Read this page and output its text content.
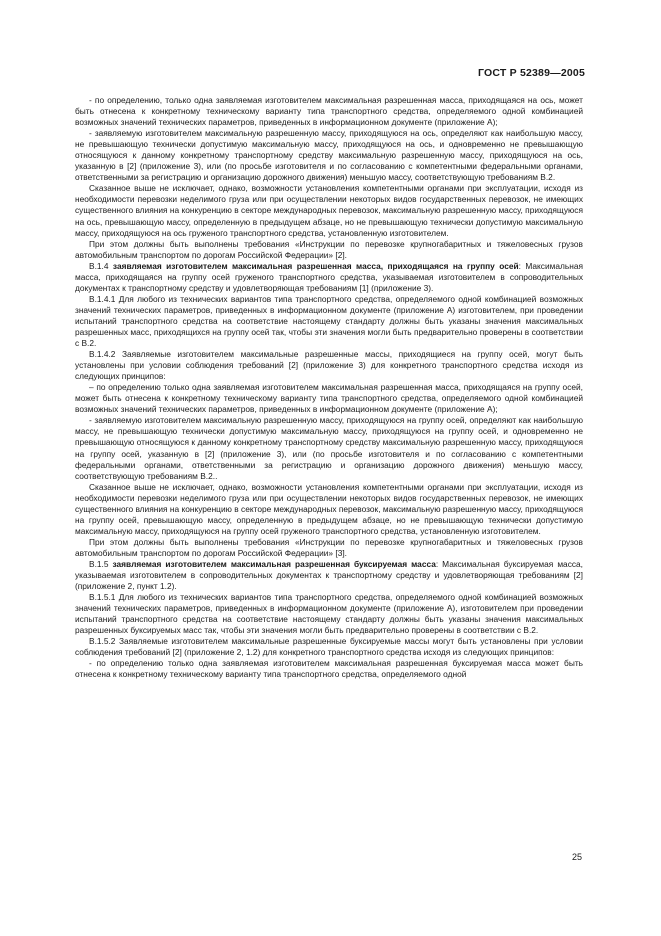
ГОСТ Р 52389—2005

- по определению, только одна заявляемая изготовителем максимальная разрешенная масса, приходящаяся на ось, может быть отнесена к конкретному техническому варианту типа транспортного средства, определяемого одной комбинацией возможных значений технических параметров, приведенных в информационном документе (приложение А);

- заявляемую изготовителем максимальную разрешенную массу, приходящуюся на ось, определяют как наибольшую массу, не превышающую технически допустимую максимальную массу, приходящуюся на ось, и одновременно не превышающую относящуюся к данному конкретному транспортному средству максимальную разрешенную массу, приходящуюся на ось, указанную в [2] (приложение 3), или (по просьбе изготовителя и по согласованию с компетентными федеральными органами, ответственными за регистрацию и организацию дорожного движения) меньшую массу, соответствующую требованиям В.2.

Сказанное выше не исключает, однако, возможности установления компетентными органами при эксплуатации, исходя из необходимости перевозки неделимого груза или при осуществлении некоторых видов государственных перевозок, не имеющих существенного влияния на конкуренцию в секторе международных перевозок, максимальную разрешенную массу, приходящуюся на ось, превышающую массу, определенную в предыдущем абзаце, но не превышающую технически допустимую максимальную массу, приходящуюся на ось груженого транспортного средства, установленную изготовителем.

При этом должны быть выполнены требования «Инструкции по перевозке крупногабаритных и тяжеловесных грузов автомобильным транспортом по дорогам Российской Федерации» [2].

В.1.4 заявляемая изготовителем максимальная разрешенная масса, приходящаяся на группу осей: Максимальная масса, приходящаяся на группу осей груженого транспортного средства, указываемая изготовителем в сопроводительных документах к транспортному средству и удовлетворяющая требованиям [1] (приложение 3).

В.1.4.1 Для любого из технических вариантов типа транспортного средства, определяемого одной комбинацией возможных значений технических параметров, приведенных в информационном документе (приложение А) изготовителем, при проведении испытаний транспортного средства на соответствие настоящему стандарту должны быть указаны значения максимальных разрешенных масс, приходящихся на группу осей так, чтобы эти значения могли быть предварительно проверены в соответствии с В.2.

В.1.4.2 Заявляемые изготовителем максимальные разрешенные массы, приходящиеся на группу осей, могут быть установлены при условии соблюдения требований [2] (приложение 3) для конкретного транспортного средства исходя из следующих принципов:

– по определению только одна заявляемая изготовителем максимальная разрешенная масса, приходящаяся на группу осей, может быть отнесена к конкретному техническому варианту типа транспортного средства, определяемого одной комбинацией возможных значений технических параметров, приведенных в информационном документе (приложение А);

- заявляемую изготовителем максимальную разрешенную массу, приходящуюся на группу осей, определяют как наибольшую массу, не превышающую технически допустимую максимальную массу, приходящуюся на группу осей, и одновременно не превышающую относящуюся к данному конкретному транспортному средству максимальную разрешенную массу, приходящуюся на группу осей, указанную в [2] (приложение 3), или (по просьбе изготовителя и по согласованию с компетентными федеральными органами, ответственными за регистрацию и организацию дорожного движения) меньшую массу, соответствующую требованиям В.2..

Сказанное выше не исключает, однако, возможности установления компетентными органами при эксплуатации, исходя из необходимости перевозки неделимого груза или при осуществлении некоторых видов государственных перевозок, не имеющих существенного влияния на конкуренцию в секторе международных перевозок, максимальную разрешенную массу, приходящуюся на группу осей, превышающую массу, определенную в предыдущем абзаце, но не превышающую технически допустимую максимальную массу, приходящуюся на группу осей груженого транспортного средства, установленную изготовителем.

При этом должны быть выполнены требования «Инструкции по перевозке крупногабаритных и тяжеловесных грузов автомобильным транспортом по дорогам Российской Федерации» [3].

В.1.5 заявляемая изготовителем максимальная разрешенная буксируемая масса: Максимальная буксируемая масса, указываемая изготовителем в сопроводительных документах к транспортному средству и удовлетворяющая требованиям [2] (приложение 2, пункт 1.2).

В.1.5.1 Для любого из технических вариантов типа транспортного средства, определяемого одной комбинацией возможных значений технических параметров, приведенных в информационном документе (приложение А), изготовителем при проведении испытаний транспортного средства на соответствие настоящему стандарту должны быть указаны значения максимальных разрешенных буксируемых масс так, чтобы эти значения могли быть предварительно проверены в соответствии с В.2.

В.1.5.2 Заявляемые изготовителем максимальные разрешенные буксируемые массы могут быть установлены при условии соблюдения требований [2] (приложение 2, 1.2) для конкретного транспортного средства исходя из следующих принципов:

- по определению только одна заявляемая изготовителем максимальная разрешенная буксируемая масса может быть отнесена к конкретному техническому варианту типа транспортного средства, определяемого одной

25
